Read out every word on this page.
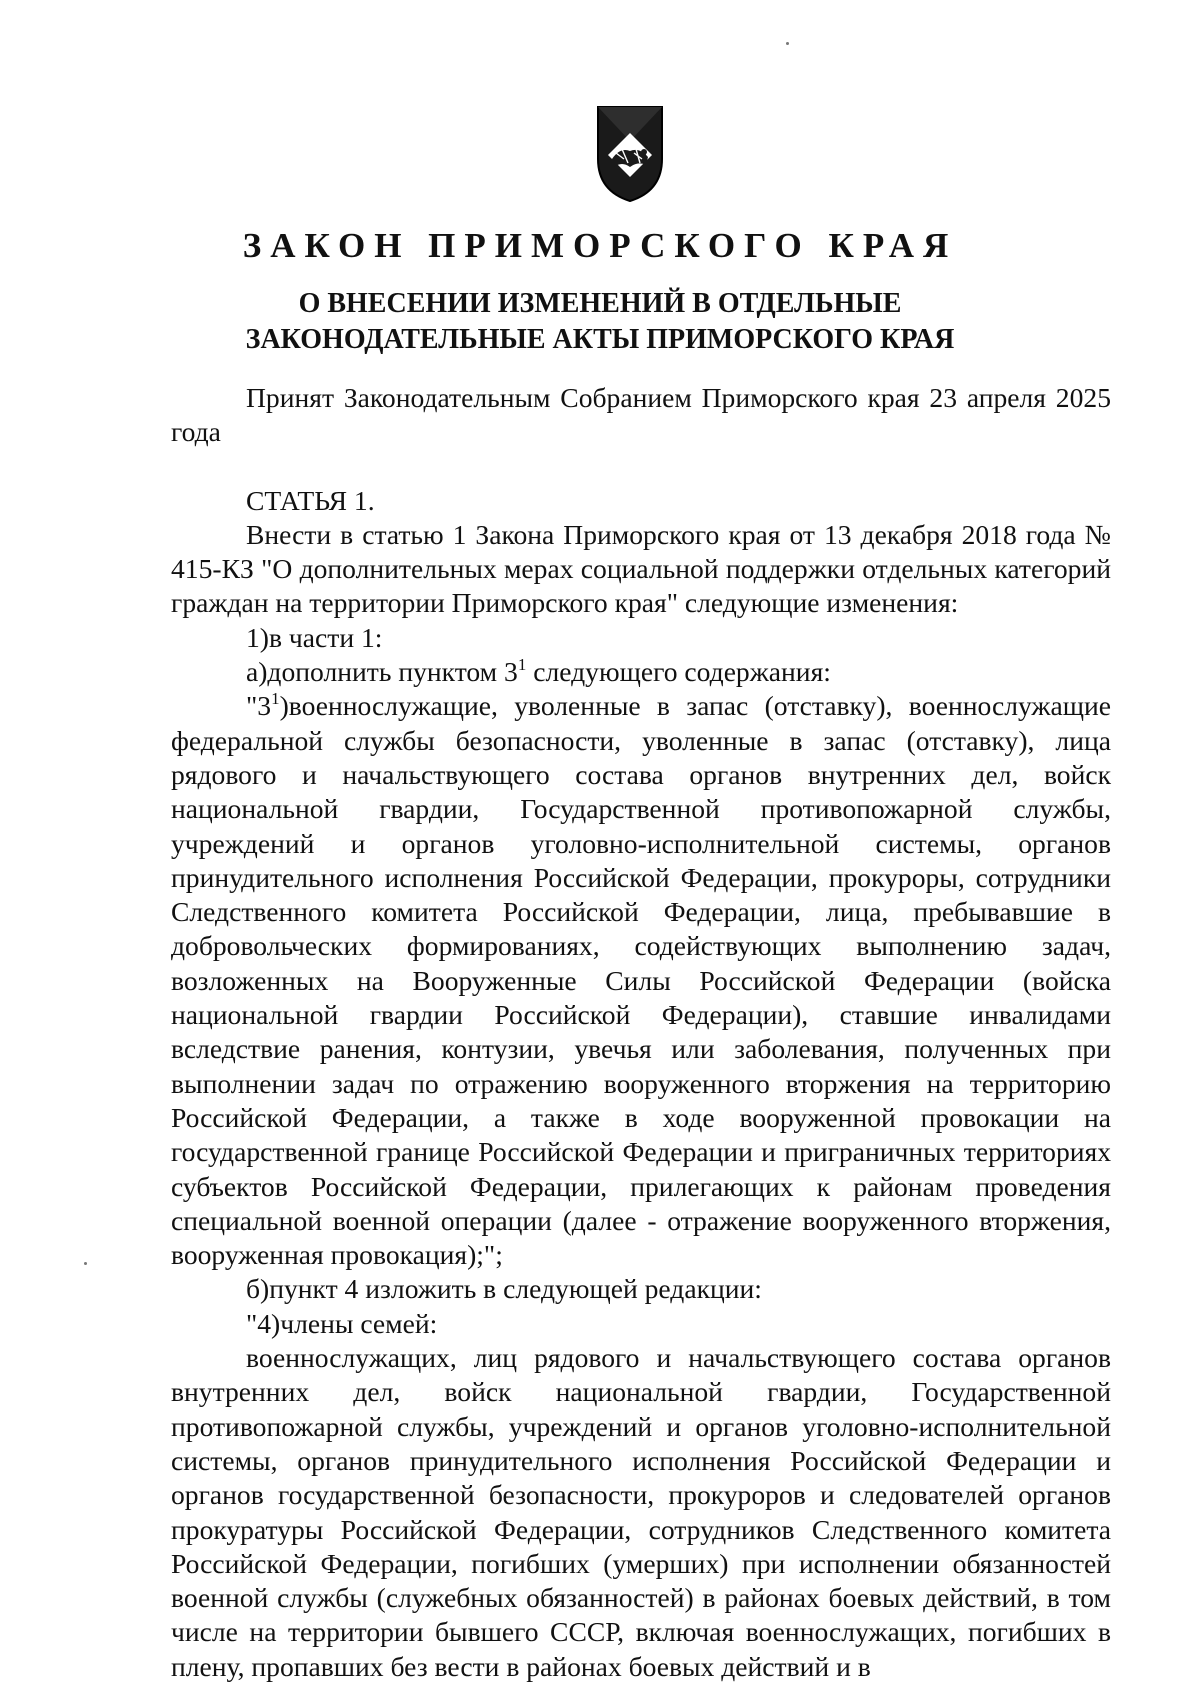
ЗАКОН ПРИМОРСКОГО КРАЯ
О ВНЕСЕНИИ ИЗМЕНЕНИЙ В ОТДЕЛЬНЫЕ
ЗАКОНОДАТЕЛЬНЫЕ АКТЫ ПРИМОРСКОГО КРАЯ

Принят Законодательным Собранием Приморского края 23 апреля 2025 года

СТАТЬЯ 1.

Внести в статью 1 Закона Приморского края от 13 декабря 2018 года № 415-КЗ "О дополнительных мерах социальной поддержки отдельных категорий граждан на территории Приморского края" следующие изменения:

1)в части 1:

а)дополнить пунктом $3^1$ следующего содержания:

"$3^1)военнослужащие$, уволенные в запас (отставку), военнослужащие федеральной службы безопасности, уволенные в запас (отставку), лица рядового и начальствующего состава органов внутренних дел, войск национальной гвардии, Государственной противопожарной службы, учреждений и органов уголовно-исполнительной системы, органов принудительного исполнения Российской Федерации, прокуроры, сотрудники Следственного комитета Российской Федерации, лица, пребывавшие в добровольческих формированиях, содействующих выполнению задач, возложенных на Вооруженные Силы Российской Федерации (войска национальной гвардии Российской Федерации), ставшие инвалидами вследствие ранения, контузии, увечья или заболевания, полученных при выполнении задач по отражению вооруженного вторжения на территорию Российской Федерации, а также в ходе вооруженной провокации на государственной границе Российской Федерации и приграничных территориях субъектов Российской Федерации, прилегающих к районам проведения специальной военной операции (далее - отражение вооруженного вторжения, вооруженная провокация);";

б)пункт 4 изложить в следующей редакции:

"4)члены семей:

военнослужащих, лиц рядового и начальствующего состава органов внутренних дел, войск национальной гвардии, Государственной противопожарной службы, учреждений и органов уголовно-исполнительной системы, органов принудительного исполнения Российской Федерации и органов государственной безопасности, прокуроров и следователей органов прокуратуры Российской Федерации, сотрудников Следственного комитета Российской Федерации, погибших (умерших) при исполнении обязанностей военной службы (служебных обязанностей) в районах боевых действий, в том числе на территории бывшего СССР, включая военнослужащих, погибших в плену, пропавших без вести в районах боевых действий и в
